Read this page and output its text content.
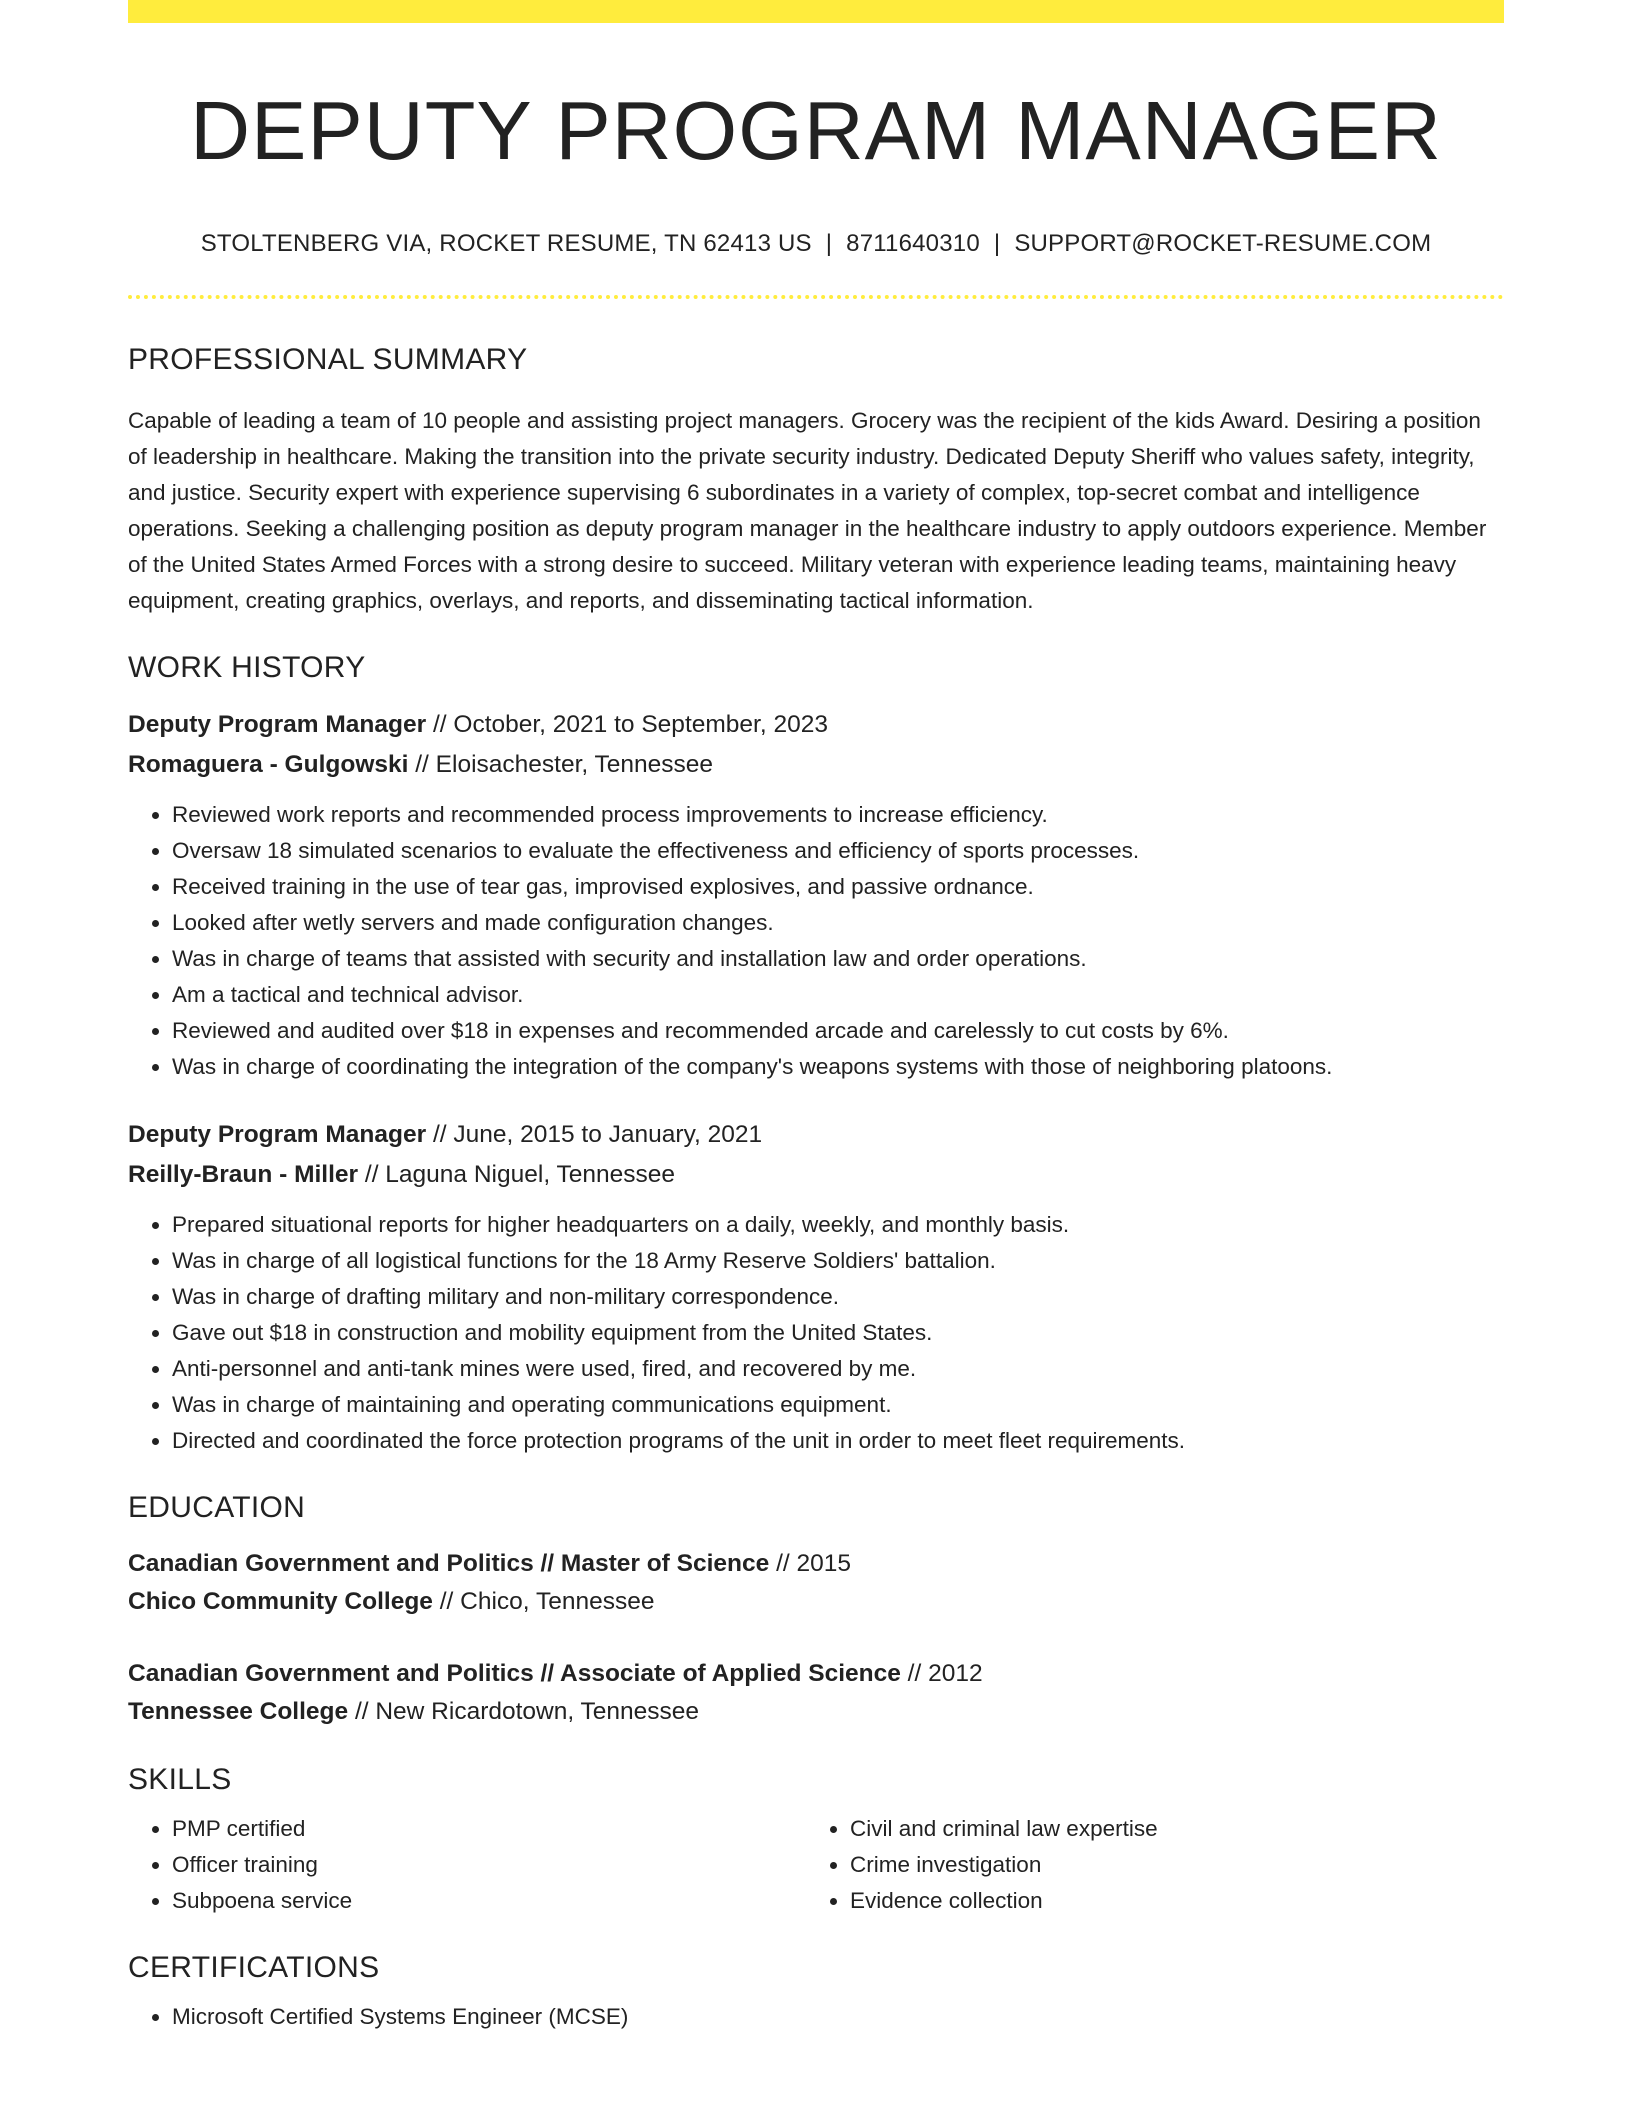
DEPUTY PROGRAM MANAGER
STOLTENBERG VIA, ROCKET RESUME, TN 62413 US | 8711640310 | SUPPORT@ROCKET-RESUME.COM
PROFESSIONAL SUMMARY

Capable of leading a team of 10 people and assisting project managers. Grocery was the recipient of the kids Award. Desiring a position of leadership in healthcare. Making the transition into the private security industry. Dedicated Deputy Sheriff who values safety, integrity, and justice. Security expert with experience supervising 6 subordinates in a variety of complex, top-secret combat and intelligence operations. Seeking a challenging position as deputy program manager in the healthcare industry to apply outdoors experience. Member of the United States Armed Forces with a strong desire to succeed. Military veteran with experience leading teams, maintaining heavy equipment, creating graphics, overlays, and reports, and disseminating tactical information.

WORK HISTORY
Deputy Program Manager // October, 2021 to September, 2023
Romaguera - Gulgowski // Eloisachester, Tennessee
• Reviewed work reports and recommended process improvements to increase efficiency.
• Oversaw 18 simulated scenarios to evaluate the effectiveness and efficiency of sports processes.
• Received training in the use of tear gas, improvised explosives, and passive ordnance.
• Looked after wetly servers and made configuration changes.
• Was in charge of teams that assisted with security and installation law and order operations.
• Am a tactical and technical advisor.
• Reviewed and audited over $18 in expenses and recommended arcade and carelessly to cut costs by 6%.
• Was in charge of coordinating the integration of the company's weapons systems with those of neighboring platoons.
Deputy Program Manager // June, 2015 to January, 2021
Reilly-Braun - Miller // Laguna Niguel, Tennessee
• Prepared situational reports for higher headquarters on a daily, weekly, and monthly basis.
• Was in charge of all logistical functions for the 18 Army Reserve Soldiers' battalion.
• Was in charge of drafting military and non-military correspondence.
• Gave out $18 in construction and mobility equipment from the United States.
• Anti-personnel and anti-tank mines were used, fired, and recovered by me.
• Was in charge of maintaining and operating communications equipment.
• Directed and coordinated the force protection programs of the unit in order to meet fleet requirements.
EDUCATION
Canadian Government and Politics // Master of Science // 2015
Chico Community College // Chico, Tennessee
Canadian Government and Politics // Associate of Applied Science // 2012
Tennessee College // New Ricardotown, Tennessee
SKILLS
• PMP certified
• Officer training
• Subpoena service
• Civil and criminal law expertise
• Crime investigation
• Evidence collection
CERTIFICATIONS
• Microsoft Certified Systems Engineer (MCSE)
